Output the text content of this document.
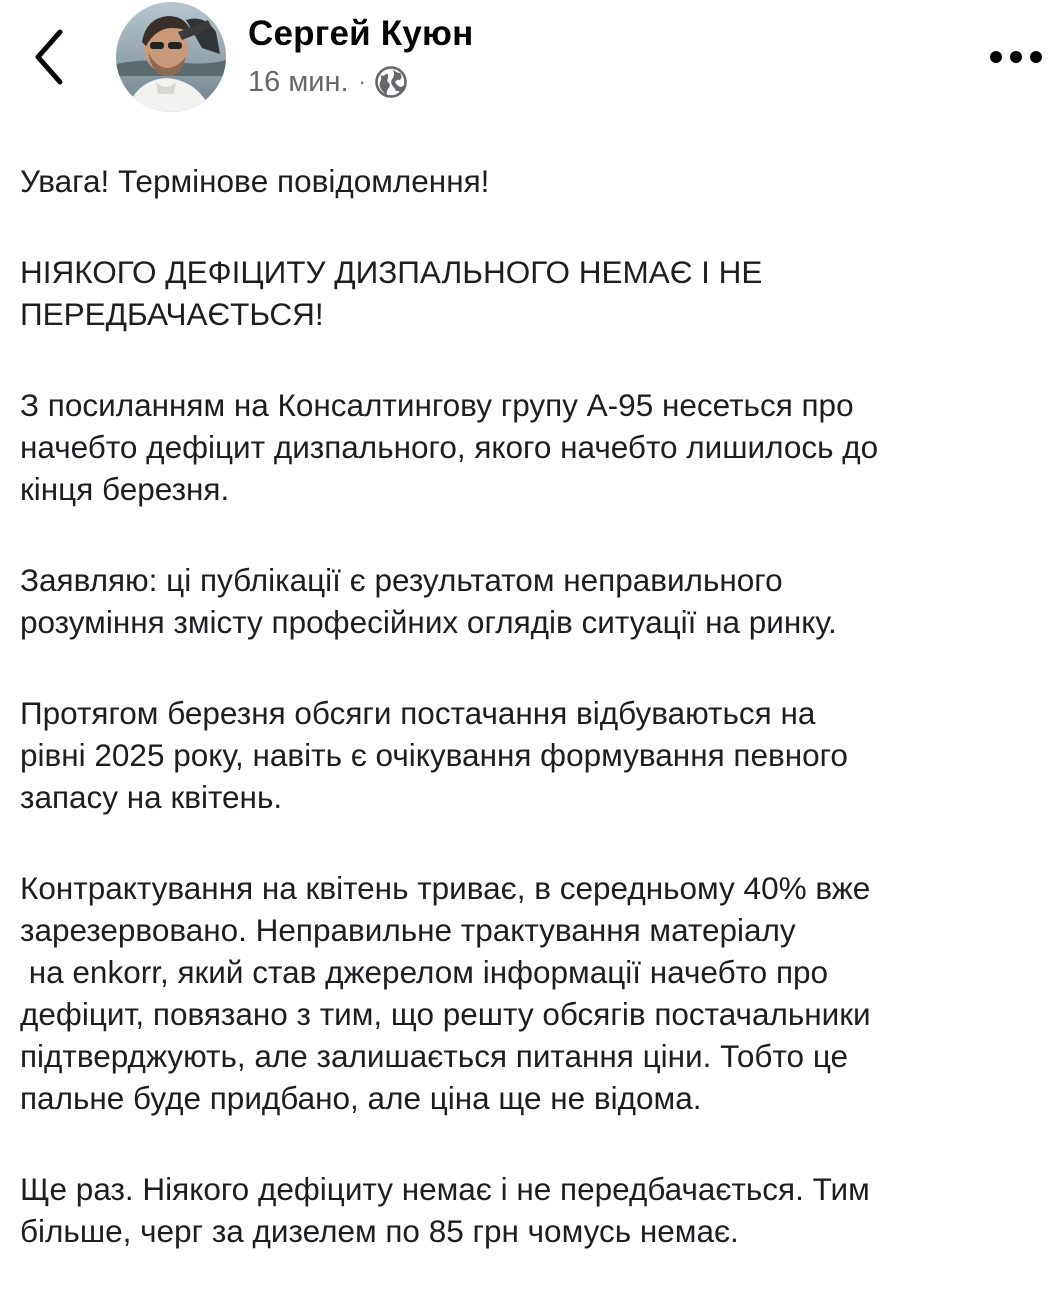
Сергей Куюн
16 мин. ·

Увага! Терміновe повідомлення!

НІЯКОГО ДЕФІЦИТУ ДИЗПАЛЬНОГО НЕМАЄ І НЕ
ПЕРЕДБАЧАЄТЬСЯ!

З посиланням на Консалтингову групу А-95 несеться про
начебто дефіцит дизпального, якого начебто лишилось до
кінця березня.

Заявляю: ці публікації є результатом неправильного
розуміння змісту професійних оглядів ситуації на ринку.

Протягом березня обсяги постачання відбуваються на
рівні 2025 року, навіть є очікування формування певного
запасу на квітень.

Контрактування на квітень триває, в середньому 40% вже
зарезервовано. Неправильне трактування матеріалу
на enkorr, який став джерелом інформації начебто про
дефіцит, повязано з тим, що решту обсягів постачальники
підтверджують, але залишається питання ціни. Тобто це
пальне буде придбано, але ціна ще не відома.

Ще раз. Ніякого дефіциту немає і не передбачається. Тим
більше, черг за дизелем по 85 грн чомусь немає.
